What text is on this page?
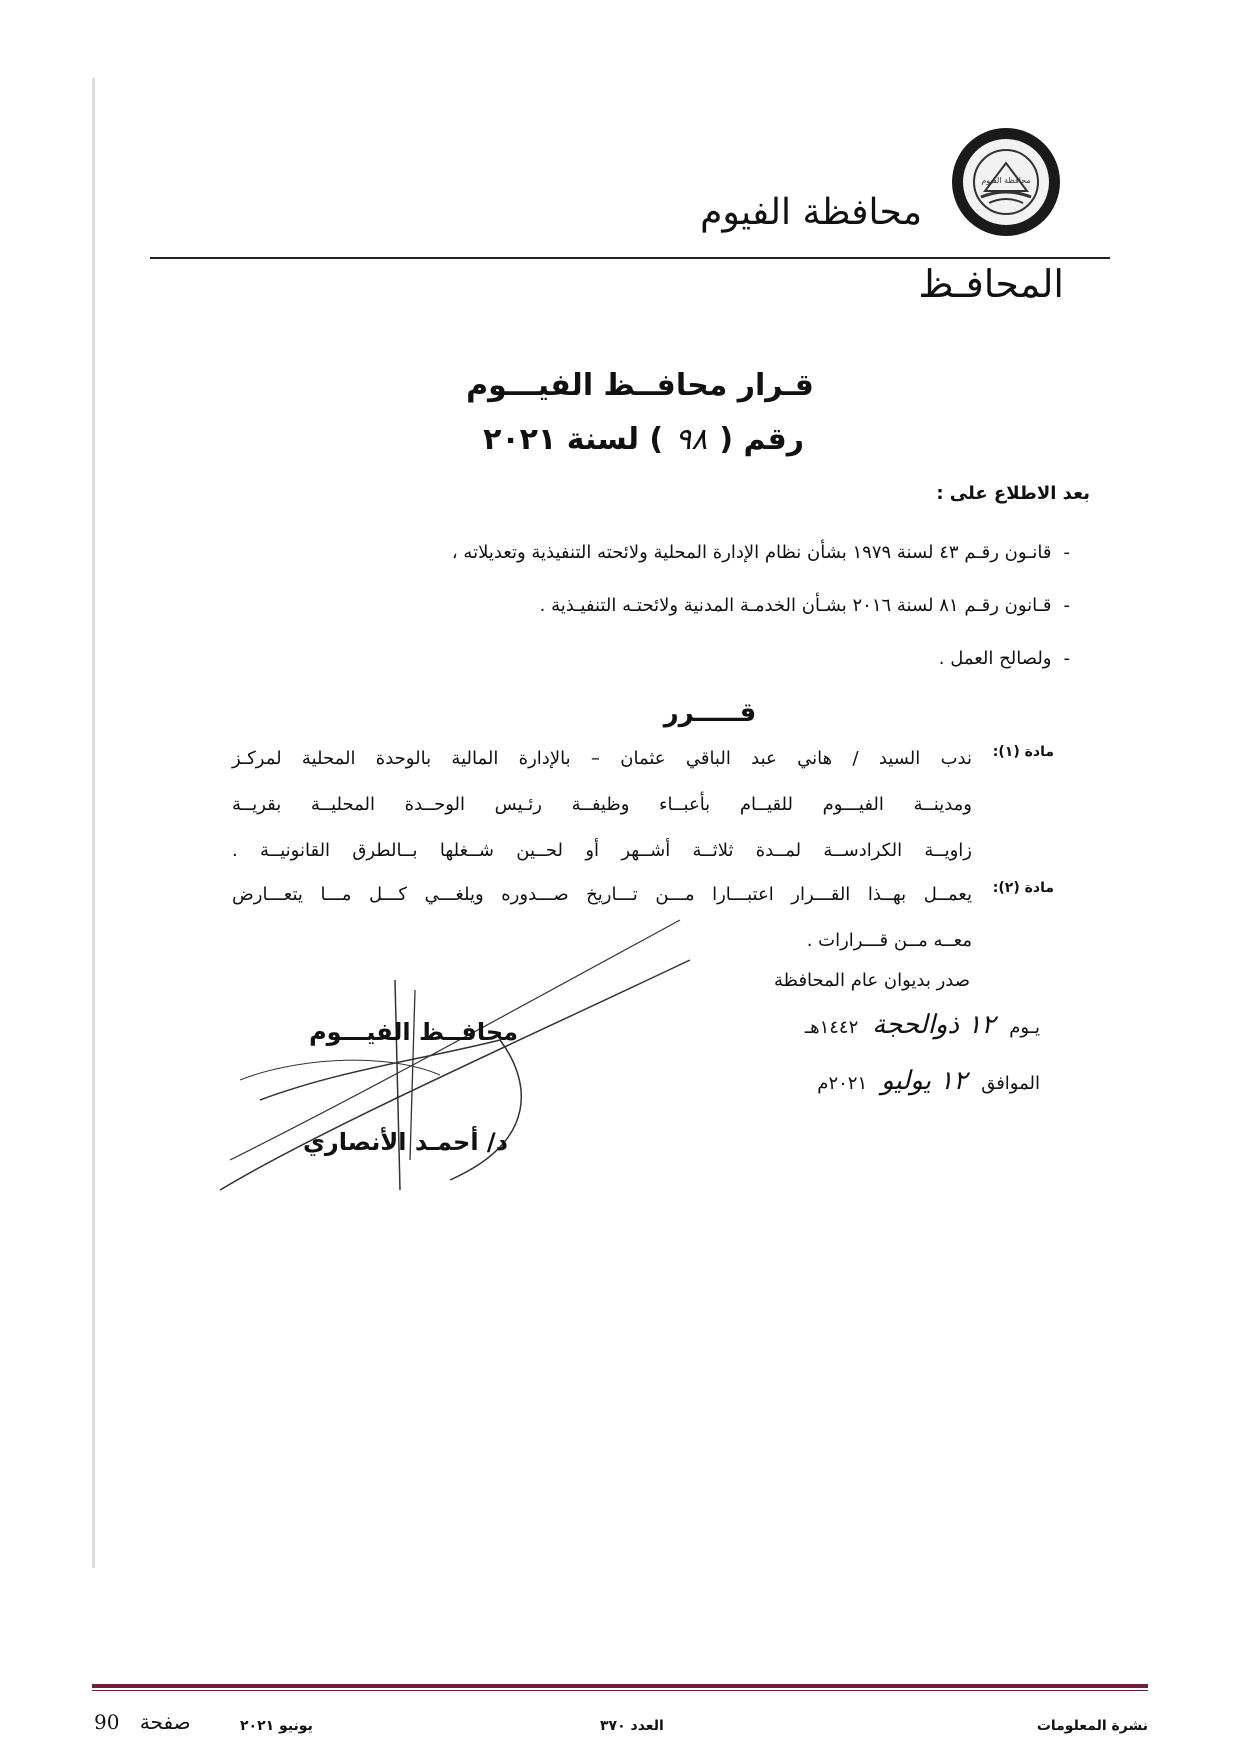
محافظة الفيوم
محافظة الفيوم
المحافـظ
قـرار محافــظ الفيـــوم
رقم (
٩٨
) لسنة ٢٠٢١
بعد الاطلاع على :
-قانـون رقـم ٤٣ لسنة ١٩٧٩ بشأن نظام الإدارة المحلية ولائحته التنفيذية وتعديلاته ،
-قـانون رقـم ٨١ لسنة ٢٠١٦ بشـأن الخدمـة المدنية ولائحتـه التنفيـذية .
-ولصالح العمل .
قـــــرر
مادة (١):
ندب السيد / هاني عبد الباقي عثمان – بالإدارة المالية بالوحدة المحلية لمركـز
ومدينــة الفيـــوم للقيــام بأعبــاء وظيفــة رئـيس الوحــدة المحليــة بقريــة
زاويــة الكرادســة لمــدة ثلاثــة أشــهر أو لحــين شــغلها بــالطرق القانونيــة .
مادة (٢):
يعمــل بهــذا القـــرار اعتبـــارا مـــن تـــاريخ صـــدوره ويلغـــي كـــل مـــا يتعـــارض
معــه مــن قـــرارات .
صدر بديوان عام المحافظة
يـوم
١٢ ذوالحجة
١٤٤٢هـ
الموافق
١٢ يوليو
٢٠٢١م
محافــظ الفيـــوم
د/ أحمـد الأنصاري
نشرة المعلومات
العدد ٣٧٠
يونيو ٢٠٢١
90 صفحة
